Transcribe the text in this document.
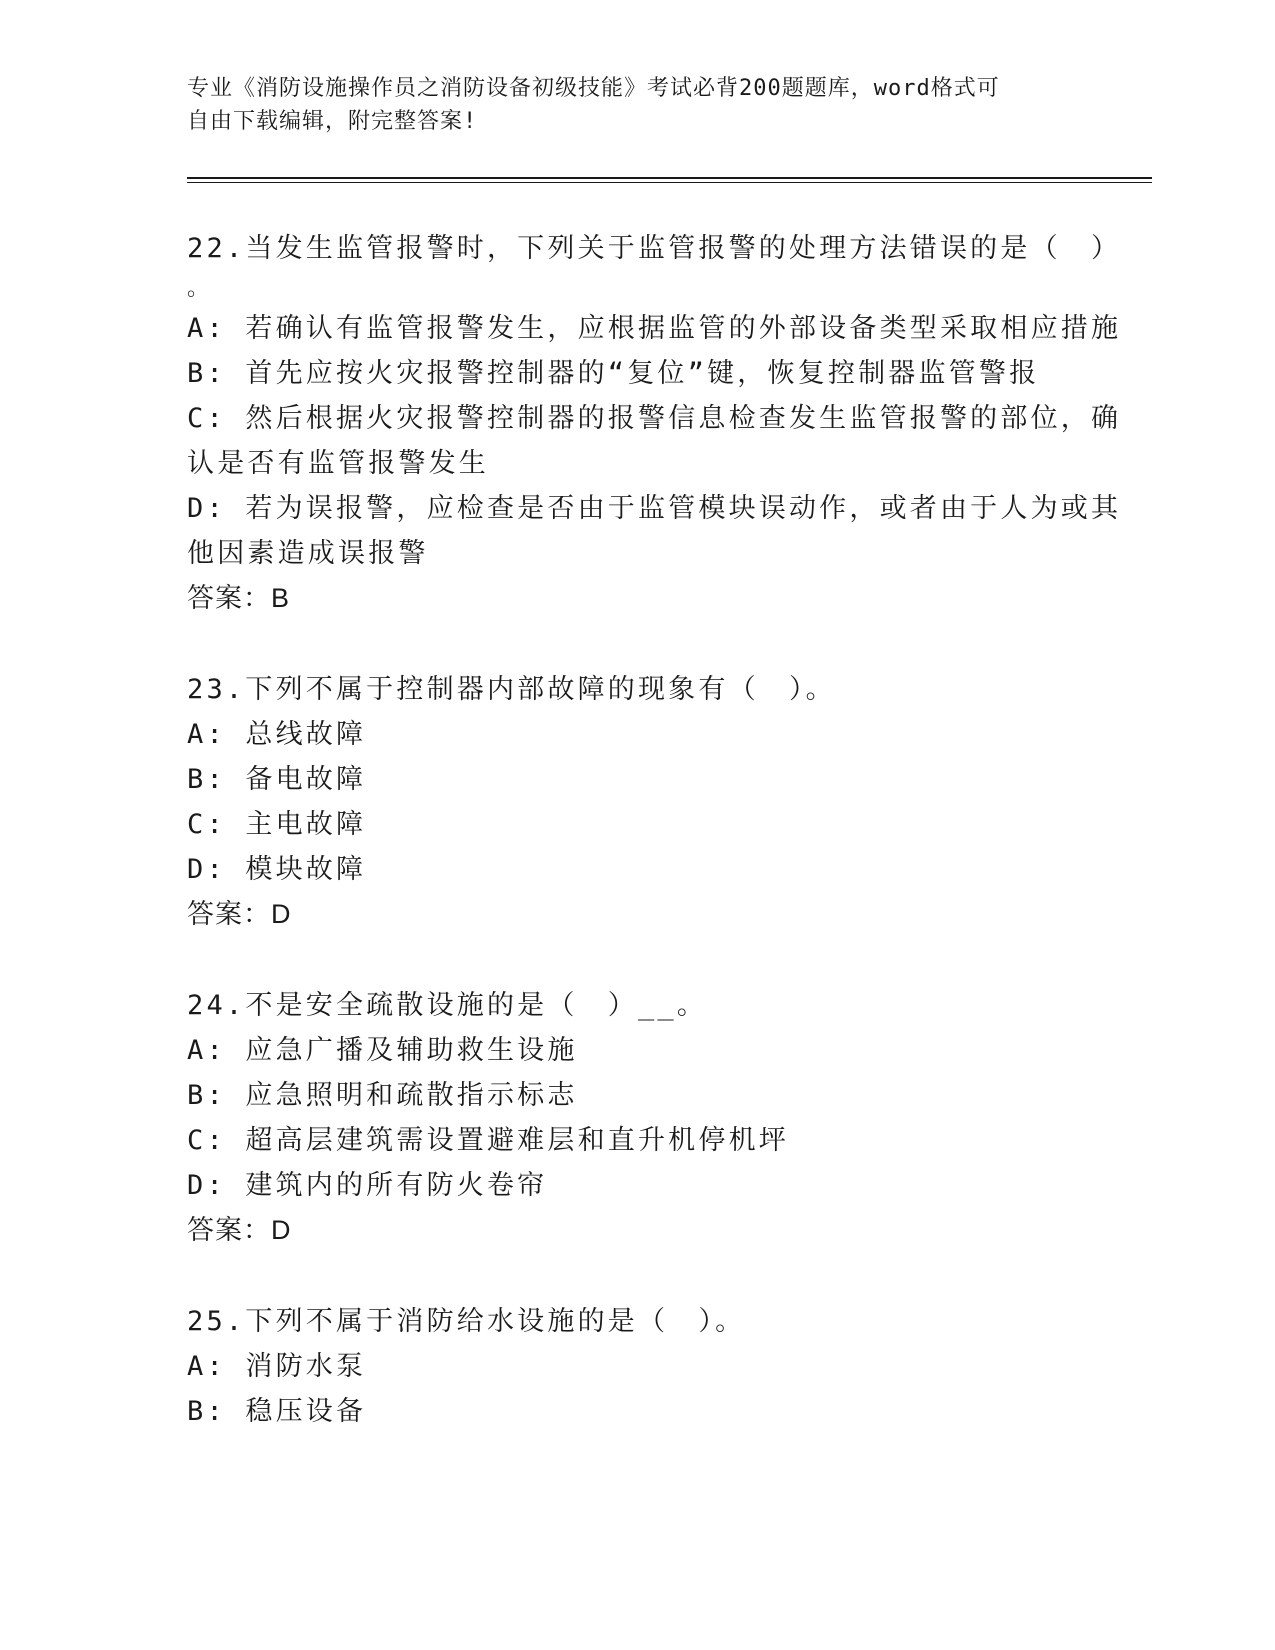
专业《消防设施操作员之消防设备初级技能》考试必背200题题库，word格式可
自由下载编辑，附完整答案!
22.当发生监管报警时，下列关于监管报警的处理方法错误的是（　）
。
A: 若确认有监管报警发生，应根据监管的外部设备类型采取相应措施
B: 首先应按火灾报警控制器的“复位”键，恢复控制器监管警报
C: 然后根据火灾报警控制器的报警信息检查发生监管报警的部位，确
认是否有监管报警发生
D: 若为误报警，应检查是否由于监管模块误动作，或者由于人为或其
他因素造成误报警
答案：B
23.下列不属于控制器内部故障的现象有（　）。
A: 总线故障
B: 备电故障
C: 主电故障
D: 模块故障
答案：D
24.不是安全疏散设施的是（　）__。
A: 应急广播及辅助救生设施
B: 应急照明和疏散指示标志
C: 超高层建筑需设置避难层和直升机停机坪
D: 建筑内的所有防火卷帘
答案：D
25.下列不属于消防给水设施的是（　）。
A: 消防水泵
B: 稳压设备
